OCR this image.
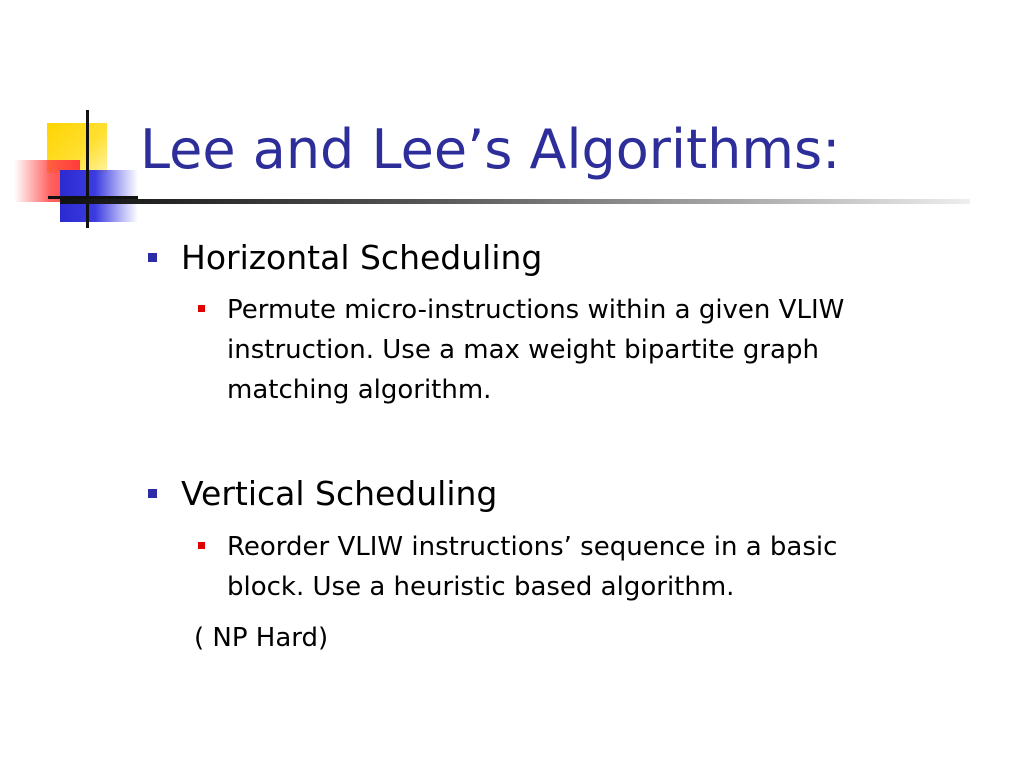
Lee and Lee’s Algorithms:
Horizontal Scheduling
Permute micro-instructions within a given VLIW
instruction. Use a max weight bipartite graph
matching algorithm.
Vertical Scheduling
Reorder VLIW instructions’ sequence in a basic
block. Use a heuristic based algorithm.
( NP Hard)
